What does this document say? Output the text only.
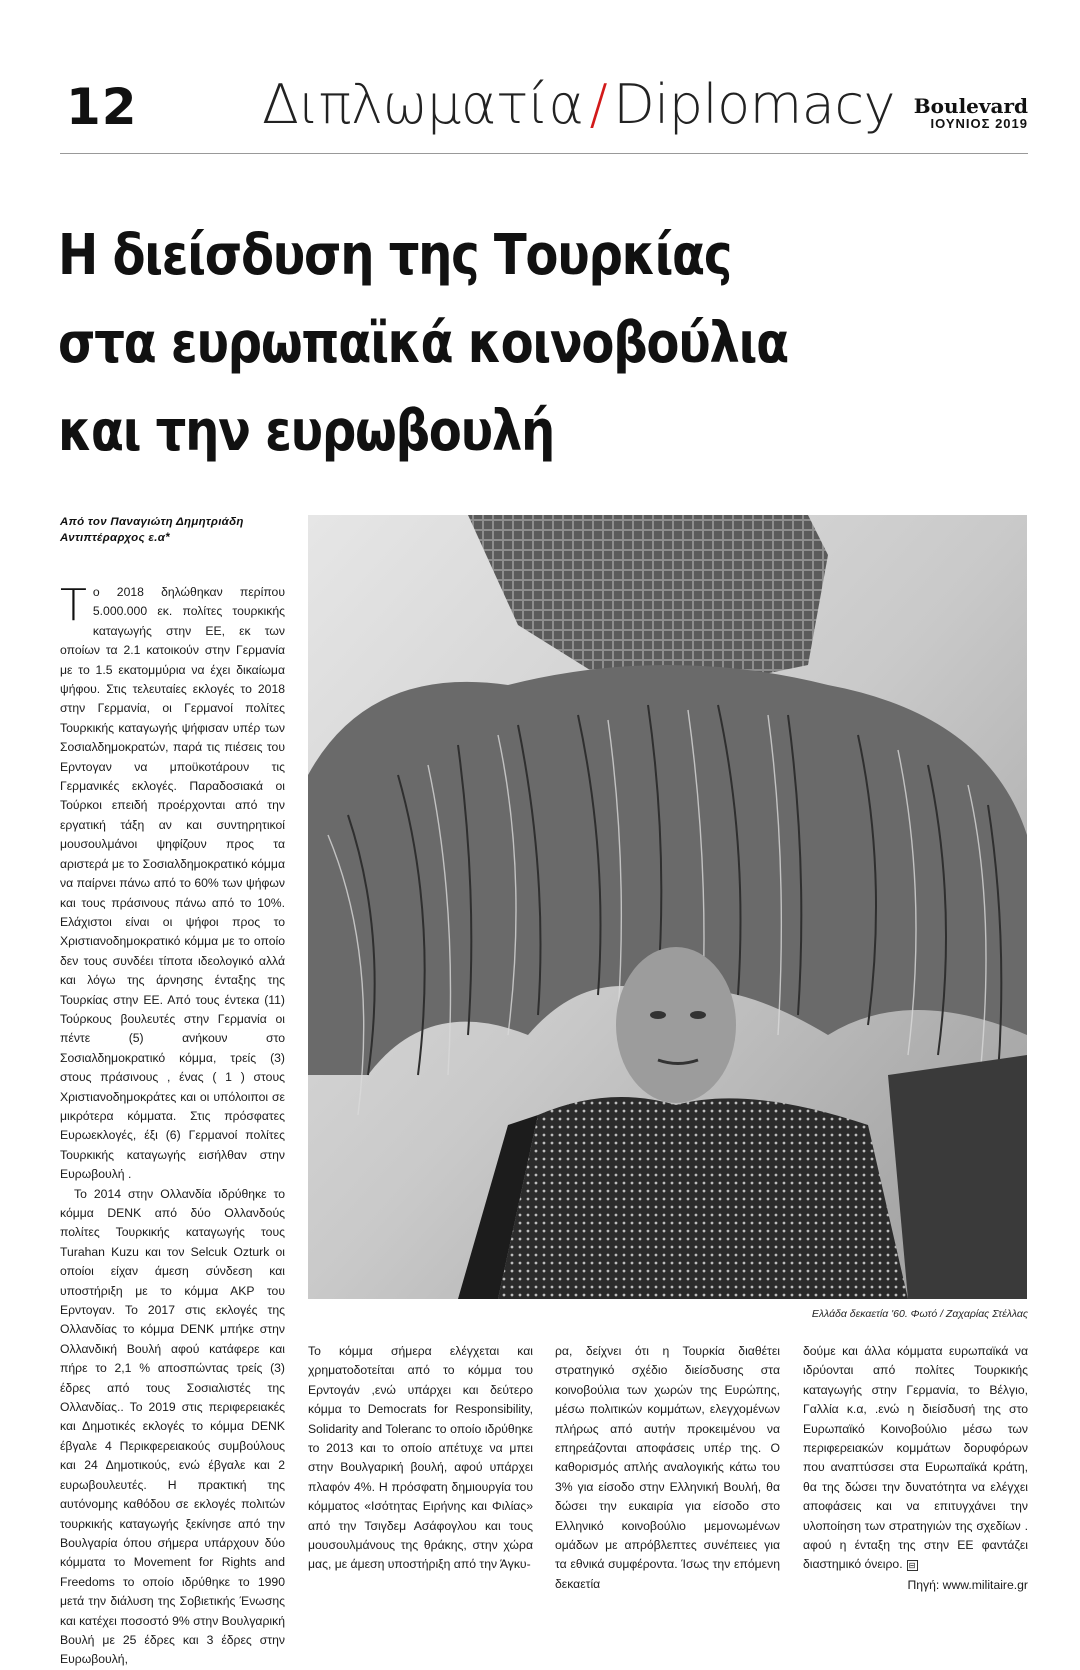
12 Διπλωματία / Diplomacy Boulevard
ΙΟΥΝΙΟΣ 2019
Η διείσδυση της Τουρκίας
στα ευρωπαϊκά κοινοβούλια
και την ευρωβουλή
Από τον Παναγιώτη Δημητριάδη
Αντιπτέραρχος ε.α*
Ελλάδα δεκαετία '60. Φωτό / Ζαχαρίας Στέλλας

Το 2018 δηλώθηκαν περίπου 5.000.000 εκ. πολίτες τουρκικής καταγωγής στην ΕΕ, εκ των οποίων τα 2.1 κατοικούν στην Γερμανία με το 1.5 εκατομμύρια να έχει δικαίωμα ψήφου. Στις τελευταίες εκλογές το 2018 στην Γερμανία, οι Γερμανοί πολίτες Τουρκικής καταγωγής ψήφισαν υπέρ των Σοσιαλδημοκρατών, παρά τις πιέσεις του Ερντογαν να μποϋκοτάρουν τις Γερμανικές εκλογές. Παραδοσιακά οι Τούρκοι επειδή προέρχονται από την εργατική τάξη αν και συντηρητικοί μουσουλμάνοι ψηφίζουν προς τα αριστερά με το Σοσιαλδημοκρατικό κόμμα να παίρνει πάνω από το 60% των ψήφων και τους πράσινους πάνω από το 10%. Ελάχιστοι είναι οι ψήφοι προς το Χριστιανοδημοκρατικό κόμμα με το οποίο δεν τους συνδέει τίποτα ιδεολογικό αλλά και λόγω της άρνησης ένταξης της Τουρκίας στην ΕΕ. Από τους έντεκα (11) Τούρκους βουλευτές στην Γερμανία οι πέντε (5) ανήκουν στο Σοσιαλδημοκρατικό κόμμα, τρείς (3) στους πράσινους , ένας ( 1 ) στους Χριστιανοδημοκράτες και οι υπόλοιποι σε μικρότερα κόμματα. Στις πρόσφατες Ευρωεκλογές, έξι (6) Γερμανοί πολίτες Τουρκικής καταγωγής εισήλθαν στην Ευρωβουλή .

Το 2014 στην Ολλανδία ιδρύθηκε το κόμμα DENK από δύο Ολλανδούς πολίτες Τουρκικής καταγωγής τους Turahan Kuzu και τον Selcuk Ozturk οι οποίοι είχαν άμεση σύνδεση και υποστήριξη με το κόμμα ΑΚΡ του Ερντογαν. Το 2017 στις εκλογές της Ολλανδίας το κόμμα DENK μπήκε στην Ολλανδική Βουλή αφού κατάφερε και πήρε το 2,1 % αποσπώντας τρείς (3) έδρες από τους Σοσιαλιστές της Ολλανδίας.. Το 2019 στις περιφερειακές και Δημοτικές εκλογές το κόμμα DENK έβγαλε 4 Περικφερειακούς συμβούλους και 24 Δημοτικούς, ενώ έβγαλε και 2 ευρωβουλευτές. Η πρακτική της αυτόνομης καθόδου σε εκλογές πολιτών τουρκικής καταγωγής ξεκίνησε από την Βουλγαρία όπου σήμερα υπάρχουν δύο κόμματα το Movement for Rights and Freedoms το οποίο ιδρύθηκε το 1990 μετά την διάλυση της Σοβιετικής Ένωσης και κατέχει ποσοστό 9% στην Βουλγαρική Βουλή με 25 έδρες και 3 έδρες στην Ευρωβουλή,

Το κόμμα σήμερα ελέγχεται και χρηματοδοτείται από το κόμμα του Ερντογάν ,ενώ υπάρχει και δεύτερο κόμμα το Democrats for Responsibility, Solidarity and Toleranc το οποίο ιδρύθηκε το 2013 και το οποίο απέτυχε να μπει στην Βουλγαρική βουλή, αφού υπάρχει πλαφόν 4%. Η πρόσφατη δημιουργία του κόμματος «Ισότητας Ειρήνης και Φιλίας» από την Τσιγδεμ Ασάφογλου και τους μουσουλμάνους της θράκης, στην χώρα μας, με άμεση υποστήριξη από την Άγκυ-

ρα, δείχνει ότι η Τουρκία διαθέτει στρατηγικό σχέδιο διείσδυσης στα κοινοβούλια των χωρών της Ευρώπης, μέσω πολιτικών κομμάτων, ελεγχομένων πλήρως από αυτήν προκειμένου να επηρεάζονται αποφάσεις υπέρ της. Ο καθορισμός απλής αναλογικής κάτω του 3% για είσοδο στην Ελληνική Βουλή, θα δώσει την ευκαιρία για είσοδο στο Ελληνικό κοινοβούλιο μεμονωμένων ομάδων με απρόβλεπτες συνέπειες για τα εθνικά συμφέροντα. Ίσως την επόμενη δεκαετία

δούμε και άλλα κόμματα ευρωπαϊκά να ιδρύονται από πολίτες Τουρκικής καταγωγής στην Γερμανία, το Βέλγιο, Γαλλία κ.α, .ενώ η διείσδυσή της στο Ευρωπαϊκό Κοινοβούλιο μέσω των περιφερειακών κομμάτων δορυφόρων που αναπτύσσει στα Ευρωπαϊκά κράτη, θα της δώσει την δυνατότητα να ελέγχει αποφάσεις και να επιτυγχάνει την υλοποίηση των στρατηγιών της σχεδίων . αφού η ένταξη της στην ΕΕ φαντάζει διαστημικό όνειρο. ⊟

Πηγή: www.militaire.gr
